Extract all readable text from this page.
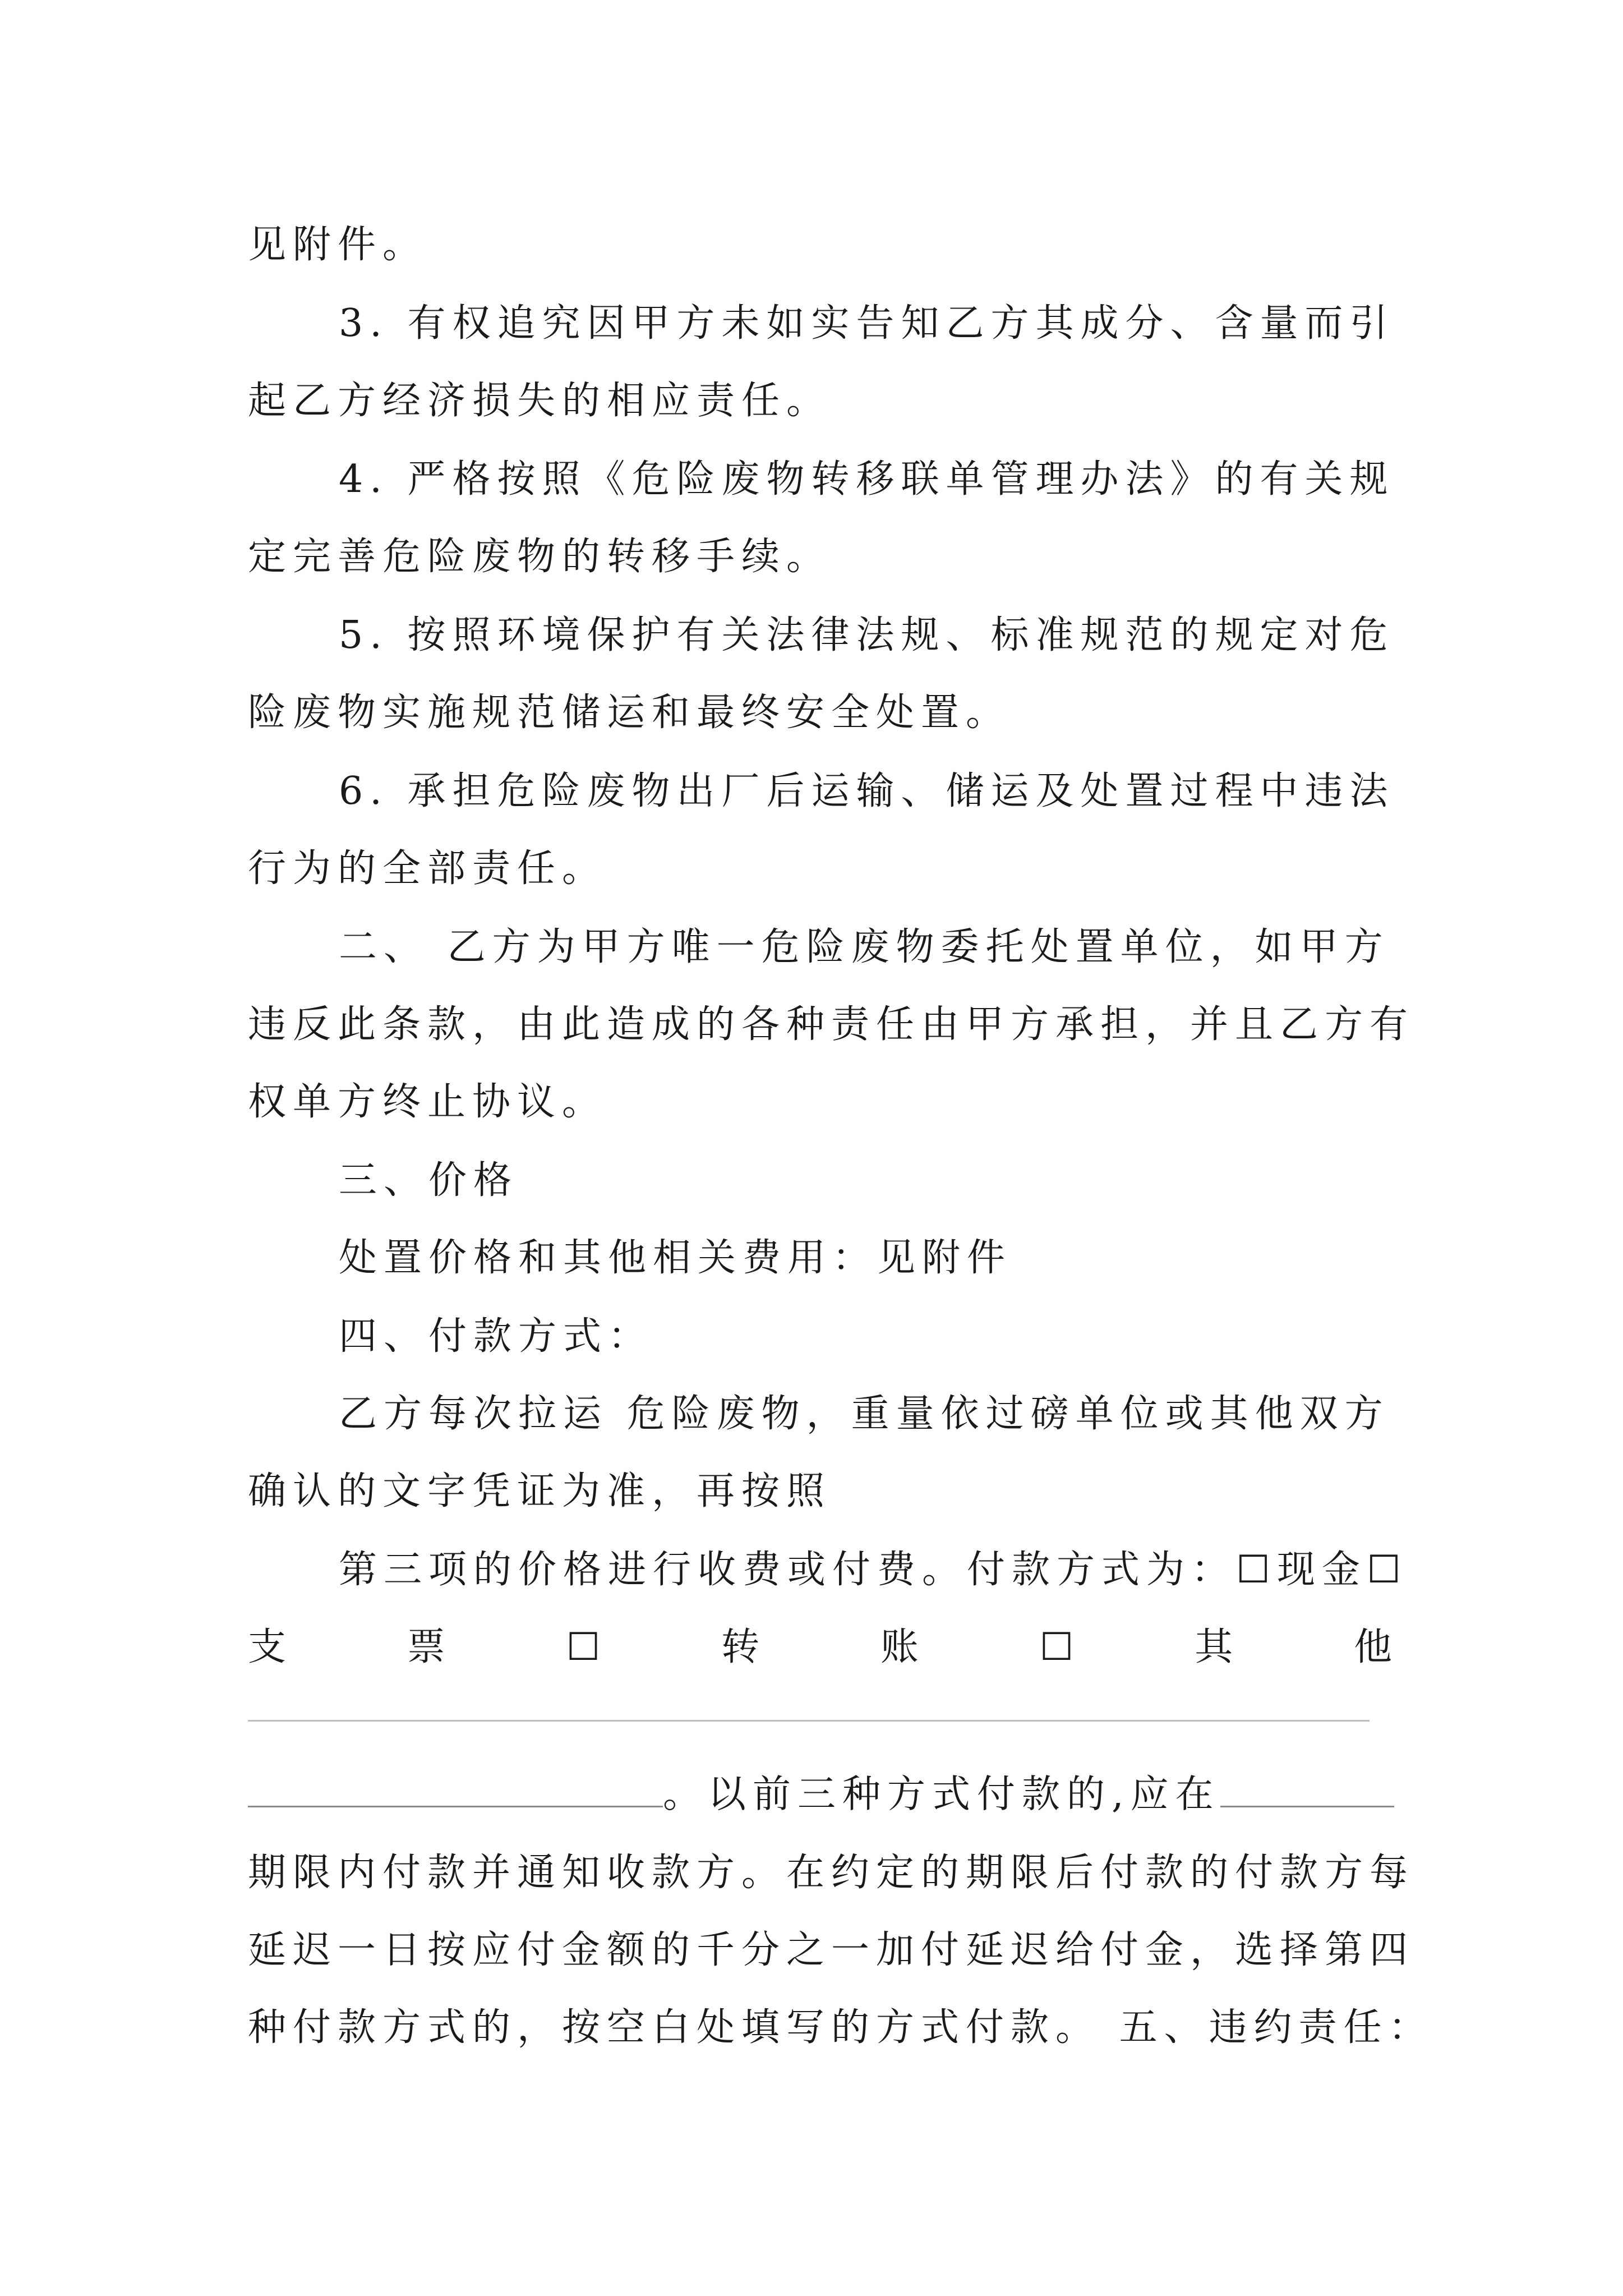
见附件。
3. 有权追究因甲方未如实告知乙方其成分、含量而引
起乙方经济损失的相应责任。
4. 严格按照《危险废物转移联单管理办法》的有关规
定完善危险废物的转移手续。
5. 按照环境保护有关法律法规、标准规范的规定对危
险废物实施规范储运和最终安全处置。
6. 承担危险废物出厂后运输、储运及处置过程中违法
行为的全部责任。
二、 乙方为甲方唯一危险废物委托处置单位，如甲方
违反此条款，由此造成的各种责任由甲方承担，并且乙方有
权单方终止协议。
三、价格
处置价格和其他相关费用：见附件
四、付款方式：
乙方每次拉运 危险废物，重量依过磅单位或其他双方
确认的文字凭证为准，再按照
第三项的价格进行收费或付费。付款方式为：☐现金☐
支	票	☐	转	账	☐	其	他
。以前三种方式付款的,应在
期限内付款并通知收款方。在约定的期限后付款的付款方每
延迟一日按应付金额的千分之一加付延迟给付金，选择第四
种付款方式的，按空白处填写的方式付款。 五、违约责任：
